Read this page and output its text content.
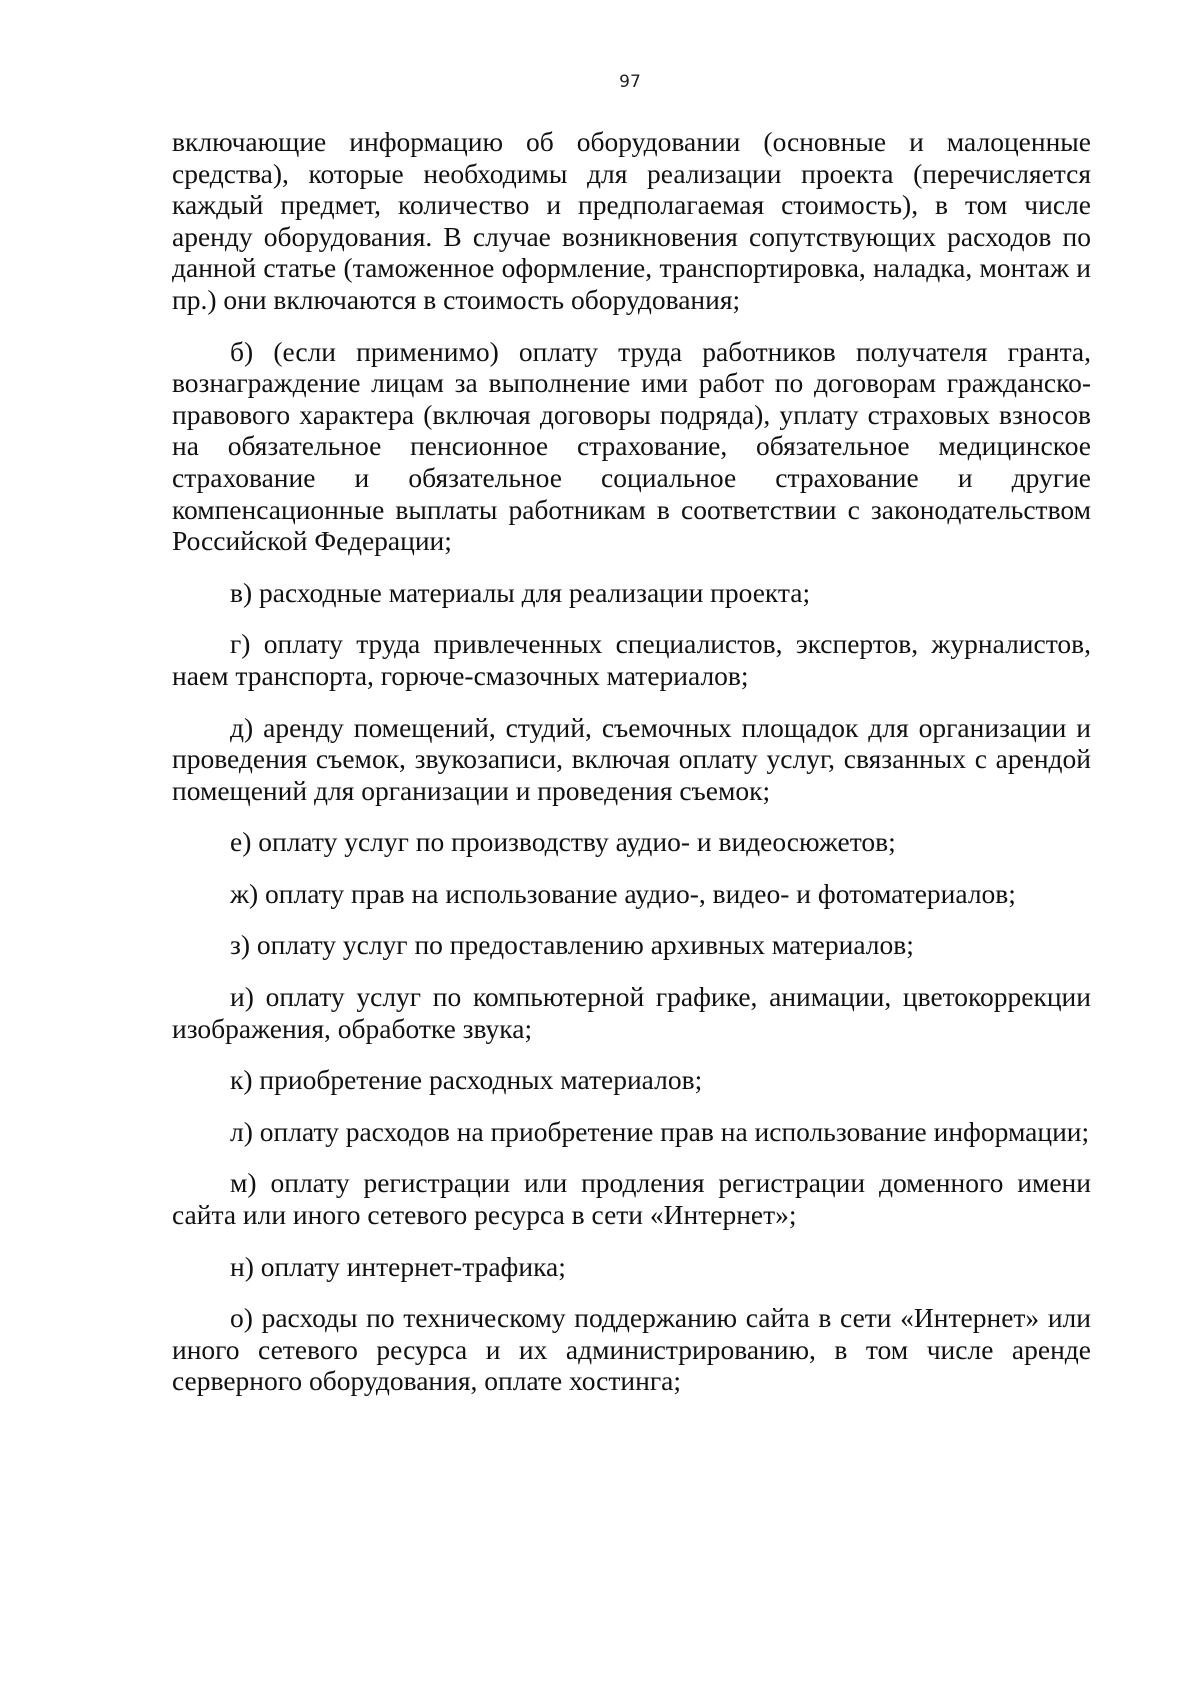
97

включающие информацию об оборудовании (основные и малоценные средства), которые необходимы для реализации проекта (перечисляется каждый предмет, количество и предполагаемая стоимость), в том числе аренду оборудования. В случае возникновения сопутствующих расходов по данной статье (таможенное оформление, транспортировка, наладка, монтаж и пр.) они включаются в стоимость оборудования;

б) (если применимо) оплату труда работников получателя гранта, вознаграждение лицам за выполнение ими работ по договорам гражданско-правового характера (включая договоры подряда), уплату страховых взносов на обязательное пенсионное страхование, обязательное медицинское страхование и обязательное социальное страхование и другие компенсационные выплаты работникам в соответствии с законодательством Российской Федерации;

в) расходные материалы для реализации проекта;

г) оплату труда привлеченных специалистов, экспертов, журналистов, наем транспорта, горюче-смазочных материалов;

д) аренду помещений, студий, съемочных площадок для организации и проведения съемок, звукозаписи, включая оплату услуг, связанных с арендой помещений для организации и проведения съемок;

е) оплату услуг по производству аудио- и видеосюжетов;

ж) оплату прав на использование аудио-, видео- и фотоматериалов;

з) оплату услуг по предоставлению архивных материалов;

и) оплату услуг по компьютерной графике, анимации, цветокоррекции изображения, обработке звука;

к) приобретение расходных материалов;

л) оплату расходов на приобретение прав на использование информации;

м) оплату регистрации или продления регистрации доменного имени сайта или иного сетевого ресурса в сети «Интернет»;

н) оплату интернет-трафика;

о) расходы по техническому поддержанию сайта в сети «Интернет» или иного сетевого ресурса и их администрированию, в том числе аренде серверного оборудования, оплате хостинга;
